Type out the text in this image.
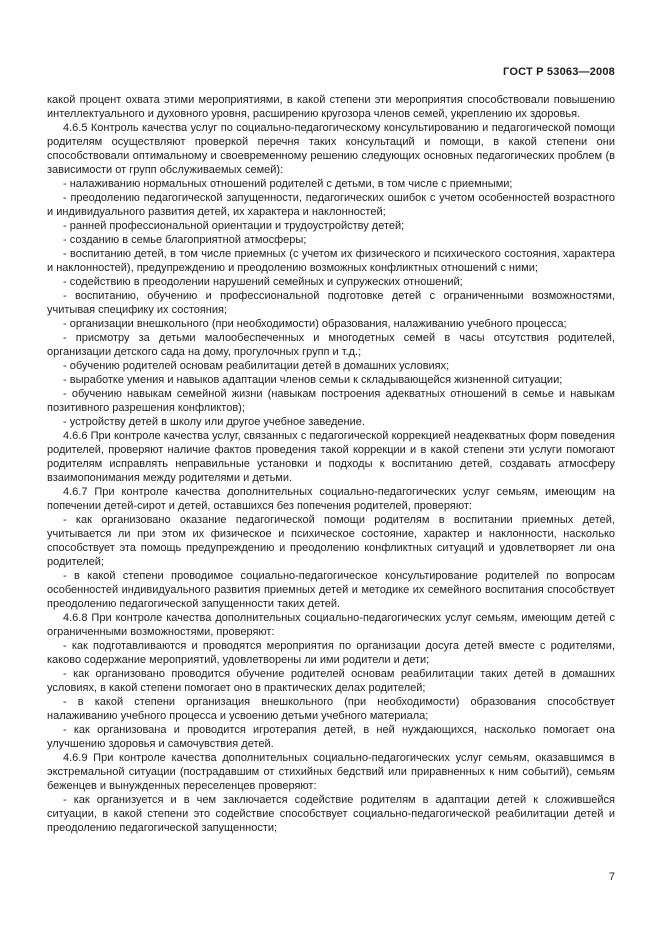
ГОСТ Р 53063—2008

какой процент охвата этими мероприятиями, в какой степени эти мероприятия способствовали повышению интеллектуального и духовного уровня, расширению кругозора членов семей, укреплению их здоровья.

4.6.5 Контроль качества услуг по социально-педагогическому консультированию и педагогической помощи родителям осуществляют проверкой перечня таких консультаций и помощи, в какой степени они способствовали оптимальному и своевременному решению следующих основных педагогических проблем (в зависимости от групп обслуживаемых семей):

- налаживанию нормальных отношений родителей с детьми, в том числе с приемными;

- преодолению педагогической запущенности, педагогических ошибок с учетом особенностей возрастного и индивидуального развития детей, их характера и наклонностей;

- ранней профессиональной ориентации и трудоустройству детей;

- созданию в семье благоприятной атмосферы;

- воспитанию детей, в том числе приемных (с учетом их физического и психического состояния, характера и наклонностей), предупреждению и преодолению возможных конфликтных отношений с ними;

- содействию в преодолении нарушений семейных и супружеских отношений;

- воспитанию, обучению и профессиональной подготовке детей с ограниченными возможностями, учитывая специфику их состояния;

- организации внешкольного (при необходимости) образования, налаживанию учебного процесса;

- присмотру за детьми малообеспеченных и многодетных семей в часы отсутствия родителей, организации детского сада на дому, прогулочных групп и т.д.;

- обучению родителей основам реабилитации детей в домашних условиях;

- выработке умения и навыков адаптации членов семьи к складывающейся жизненной ситуации;

- обучению навыкам семейной жизни (навыкам построения адекватных отношений в семье и навыкам позитивного разрешения конфликтов);

- устройству детей в школу или другое учебное заведение.

4.6.6 При контроле качества услуг, связанных с педагогической коррекцией неадекватных форм поведения родителей, проверяют наличие фактов проведения такой коррекции и в какой степени эти услуги помогают родителям исправлять неправильные установки и подходы к воспитанию детей, создавать атмосферу взаимопонимания между родителями и детьми.

4.6.7 При контроле качества дополнительных социально-педагогических услуг семьям, имеющим на попечении детей-сирот и детей, оставшихся без попечения родителей, проверяют:

- как организовано оказание педагогической помощи родителям в воспитании приемных детей, учитывается ли при этом их физическое и психическое состояние, характер и наклонности, насколько способствует эта помощь предупреждению и преодолению конфликтных ситуаций и удовлетворяет ли она родителей;

- в какой степени проводимое социально-педагогическое консультирование родителей по вопросам особенностей индивидуального развития приемных детей и методике их семейного воспитания способствует преодолению педагогической запущенности таких детей.

4.6.8 При контроле качества дополнительных социально-педагогических услуг семьям, имеющим детей с ограниченными возможностями, проверяют:

- как подготавливаются и проводятся мероприятия по организации досуга детей вместе с родителями, каково содержание мероприятий, удовлетворены ли ими родители и дети;

- как организовано проводится обучение родителей основам реабилитации таких детей в домашних условиях, в какой степени помогает оно в практических делах родителей;

- в какой степени организация внешкольного (при необходимости) образования способствует налаживанию учебного процесса и усвоению детьми учебного материала;

- как организована и проводится игротерапия детей, в ней нуждающихся, насколько помогает она улучшению здоровья и самочувствия детей.

4.6.9 При контроле качества дополнительных социально-педагогических услуг семьям, оказавшимся в экстремальной ситуации (пострадавшим от стихийных бедствий или приравненных к ним событий), семьям беженцев и вынужденных переселенцев проверяют:

- как организуется и в чем заключается содействие родителям в адаптации детей к сложившейся ситуации, в какой степени это содействие способствует социально-педагогической реабилитации детей и преодолению педагогической запущенности;

7
